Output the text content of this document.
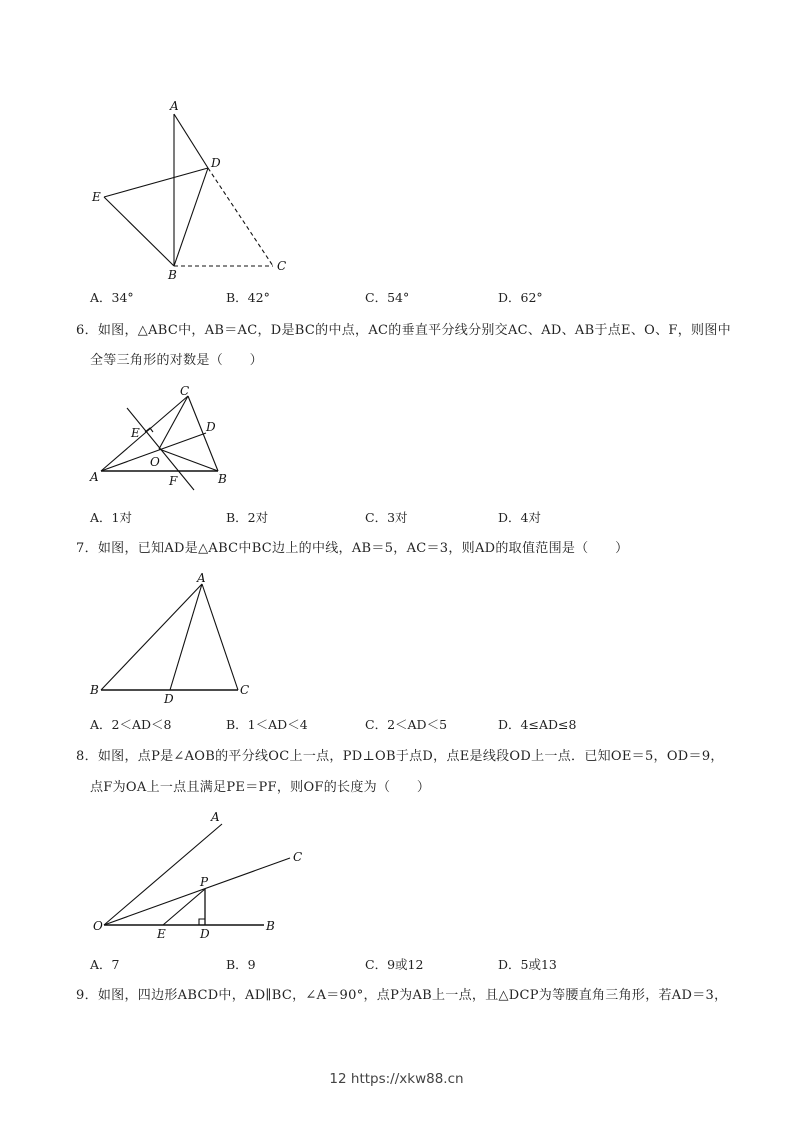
A
D
E
B
C
A．34°	B．42°	C．54°	D．62°
6．如图，△ABC中，AB＝AC，D是BC的中点，AC的垂直平分线分别交AC、AD、AB于点E、O、F，则图中
全等三角形的对数是（　　）
C
D
E
O
A	F	B
A．1对	B．2对	C．3对	D．4对
7．如图，已知AD是△ABC中BC边上的中线，AB＝5，AC＝3，则AD的取值范围是（　　）
A
B
D
C
A．2＜AD＜8	B．1＜AD＜4	C．2＜AD＜5	D．4≤AD≤8
8．如图，点P是∠AOB的平分线OC上一点，PD⊥OB于点D，点E是线段OD上一点．已知OE＝5，OD＝9，
点F为OA上一点且满足PE＝PF，则OF的长度为（　　）
A
C
P
O
E	D
B
A．7	B．9	C．9或12	D．5或13
9．如图，四边形ABCD中，AD∥BC，∠A＝90°，点P为AB上一点，且△DCP为等腰直角三角形，若AD＝3，
12 https://xkw88.cn
